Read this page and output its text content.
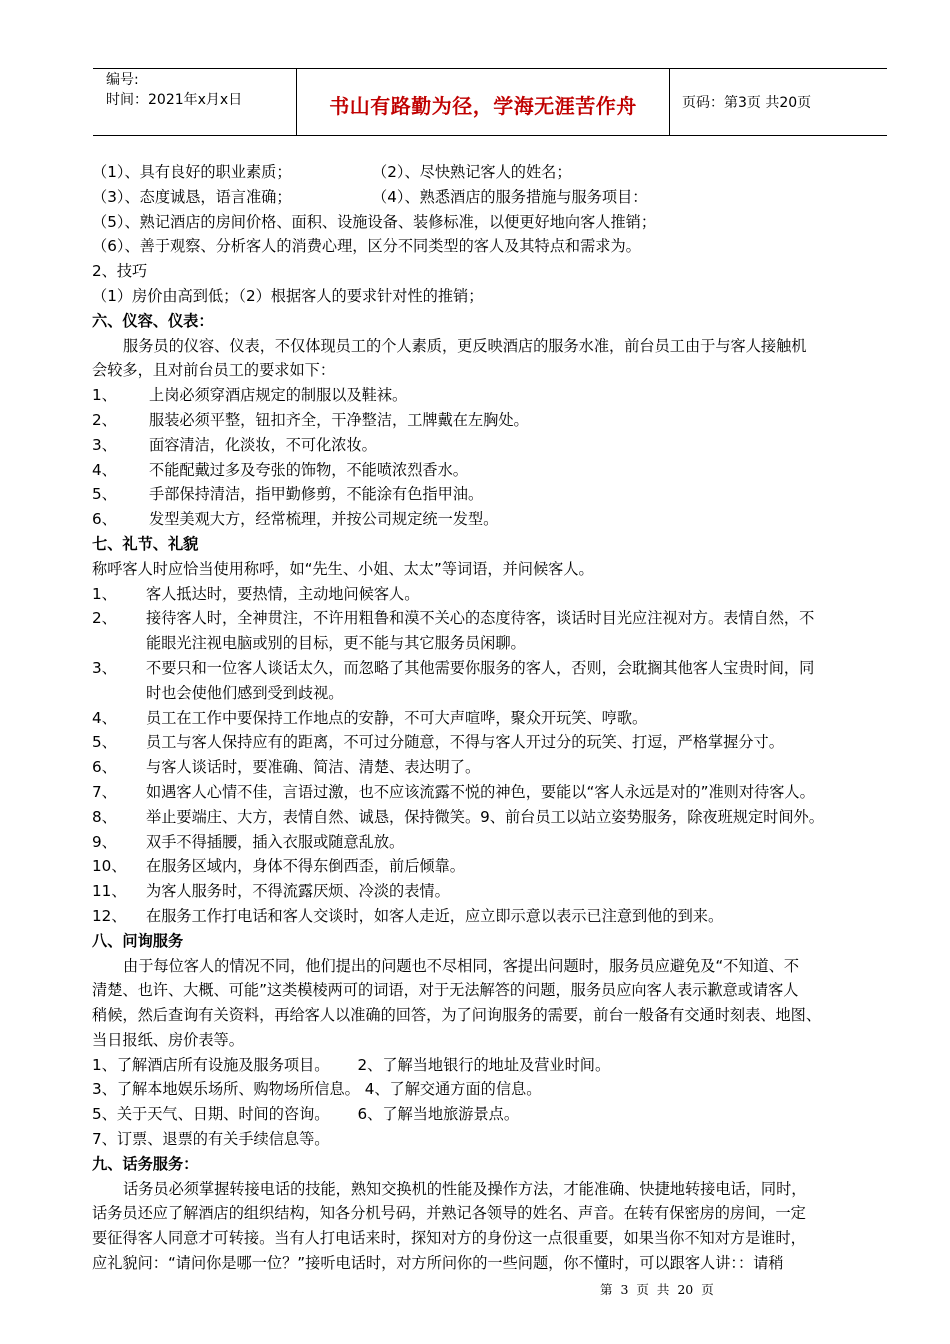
编号:
时间：2021年x月x日	书山有路勤为径，学海无涯苦作舟	页码：第3页 共20页
（1）、具有良好的职业素质；	（2）、尽快熟记客人的姓名；
（3）、态度诚恳，语言准确；	（4）、熟悉酒店的服务措施与服务项目：
（5）、熟记酒店的房间价格、面积、设施设备、装修标准，以便更好地向客人推销；
（6）、善于观察、分析客人的消费心理，区分不同类型的客人及其特点和需求为。
2、技巧
（1）房价由高到低；（2）根据客人的要求针对性的推销；
六、仪容、仪表：
服务员的仪容、仪表，不仅体现员工的个人素质，更反映酒店的服务水准，前台员工由于与客人接触机
会较多，且对前台员工的要求如下：
1、 上岗必须穿酒店规定的制服以及鞋袜。
2、 服装必须平整，钮扣齐全，干净整洁，工牌戴在左胸处。
3、 面容清洁，化淡妆，不可化浓妆。
4、 不能配戴过多及夸张的饰物，不能喷浓烈香水。
5、 手部保持清洁，指甲勤修剪，不能涂有色指甲油。
6、 发型美观大方，经常梳理，并按公司规定统一发型。
七、礼节、礼貌
称呼客人时应恰当使用称呼，如“先生、小姐、太太”等词语，并问候客人。
1、 客人抵达时，要热情，主动地问候客人。
2、 接待客人时，全神贯注，不许用粗鲁和漠不关心的态度待客，谈话时目光应注视对方。表情自然，不
能眼光注视电脑或别的目标，更不能与其它服务员闲聊。
3、 不要只和一位客人谈话太久，而忽略了其他需要你服务的客人，否则，会耽搁其他客人宝贵时间，同
时也会使他们感到受到歧视。
4、 员工在工作中要保持工作地点的安静，不可大声喧哗，聚众开玩笑、哼歌。
5、 员工与客人保持应有的距离，不可过分随意，不得与客人开过分的玩笑、打逗，严格掌握分寸。
6、 与客人谈话时，要准确、简洁、清楚、表达明了。
7、 如遇客人心情不佳，言语过激，也不应该流露不悦的神色，要能以“客人永远是对的”准则对待客人。
8、 举止要端庄、大方，表情自然、诚恳，保持微笑。9、前台员工以站立姿势服务，除夜班规定时间外。
9、 双手不得插腰，插入衣服或随意乱放。
10、 在服务区域内，身体不得东倒西歪，前后倾靠。
11、 为客人服务时，不得流露厌烦、冷淡的表情。
12、 在服务工作打电话和客人交谈时，如客人走近，应立即示意以表示已注意到他的到来。
八、问询服务
由于每位客人的情况不同，他们提出的问题也不尽相同，客提出问题时，服务员应避免及“不知道、不
清楚、也许、大概、可能”这类模棱两可的词语，对于无法解答的问题，服务员应向客人表示歉意或请客人
稍候，然后查询有关资料，再给客人以准确的回答，为了问询服务的需要，前台一般备有交通时刻表、地图、
当日报纸、房价表等。
1、了解酒店所有设施及服务项目。 2、了解当地银行的地址及营业时间。
3、了解本地娱乐场所、购物场所信息。 4、了解交通方面的信息。
5、关于天气、日期、时间的咨询。 6、了解当地旅游景点。
7、订票、退票的有关手续信息等。
九、话务服务：
话务员必须掌握转接电话的技能，熟知交换机的性能及操作方法，才能准确、快捷地转接电话，同时，
话务员还应了解酒店的组织结构，知各分机号码，并熟记各领导的姓名、声音。在转有保密房的房间，一定
要征得客人同意才可转接。当有人打电话来时，探知对方的身份这一点很重要，如果当你不知对方是谁时，
应礼貌问：“请问你是哪一位？”接听电话时，对方所问你的一些问题，你不懂时，可以跟客人讲：：请稍
第 3 页 共 20 页
